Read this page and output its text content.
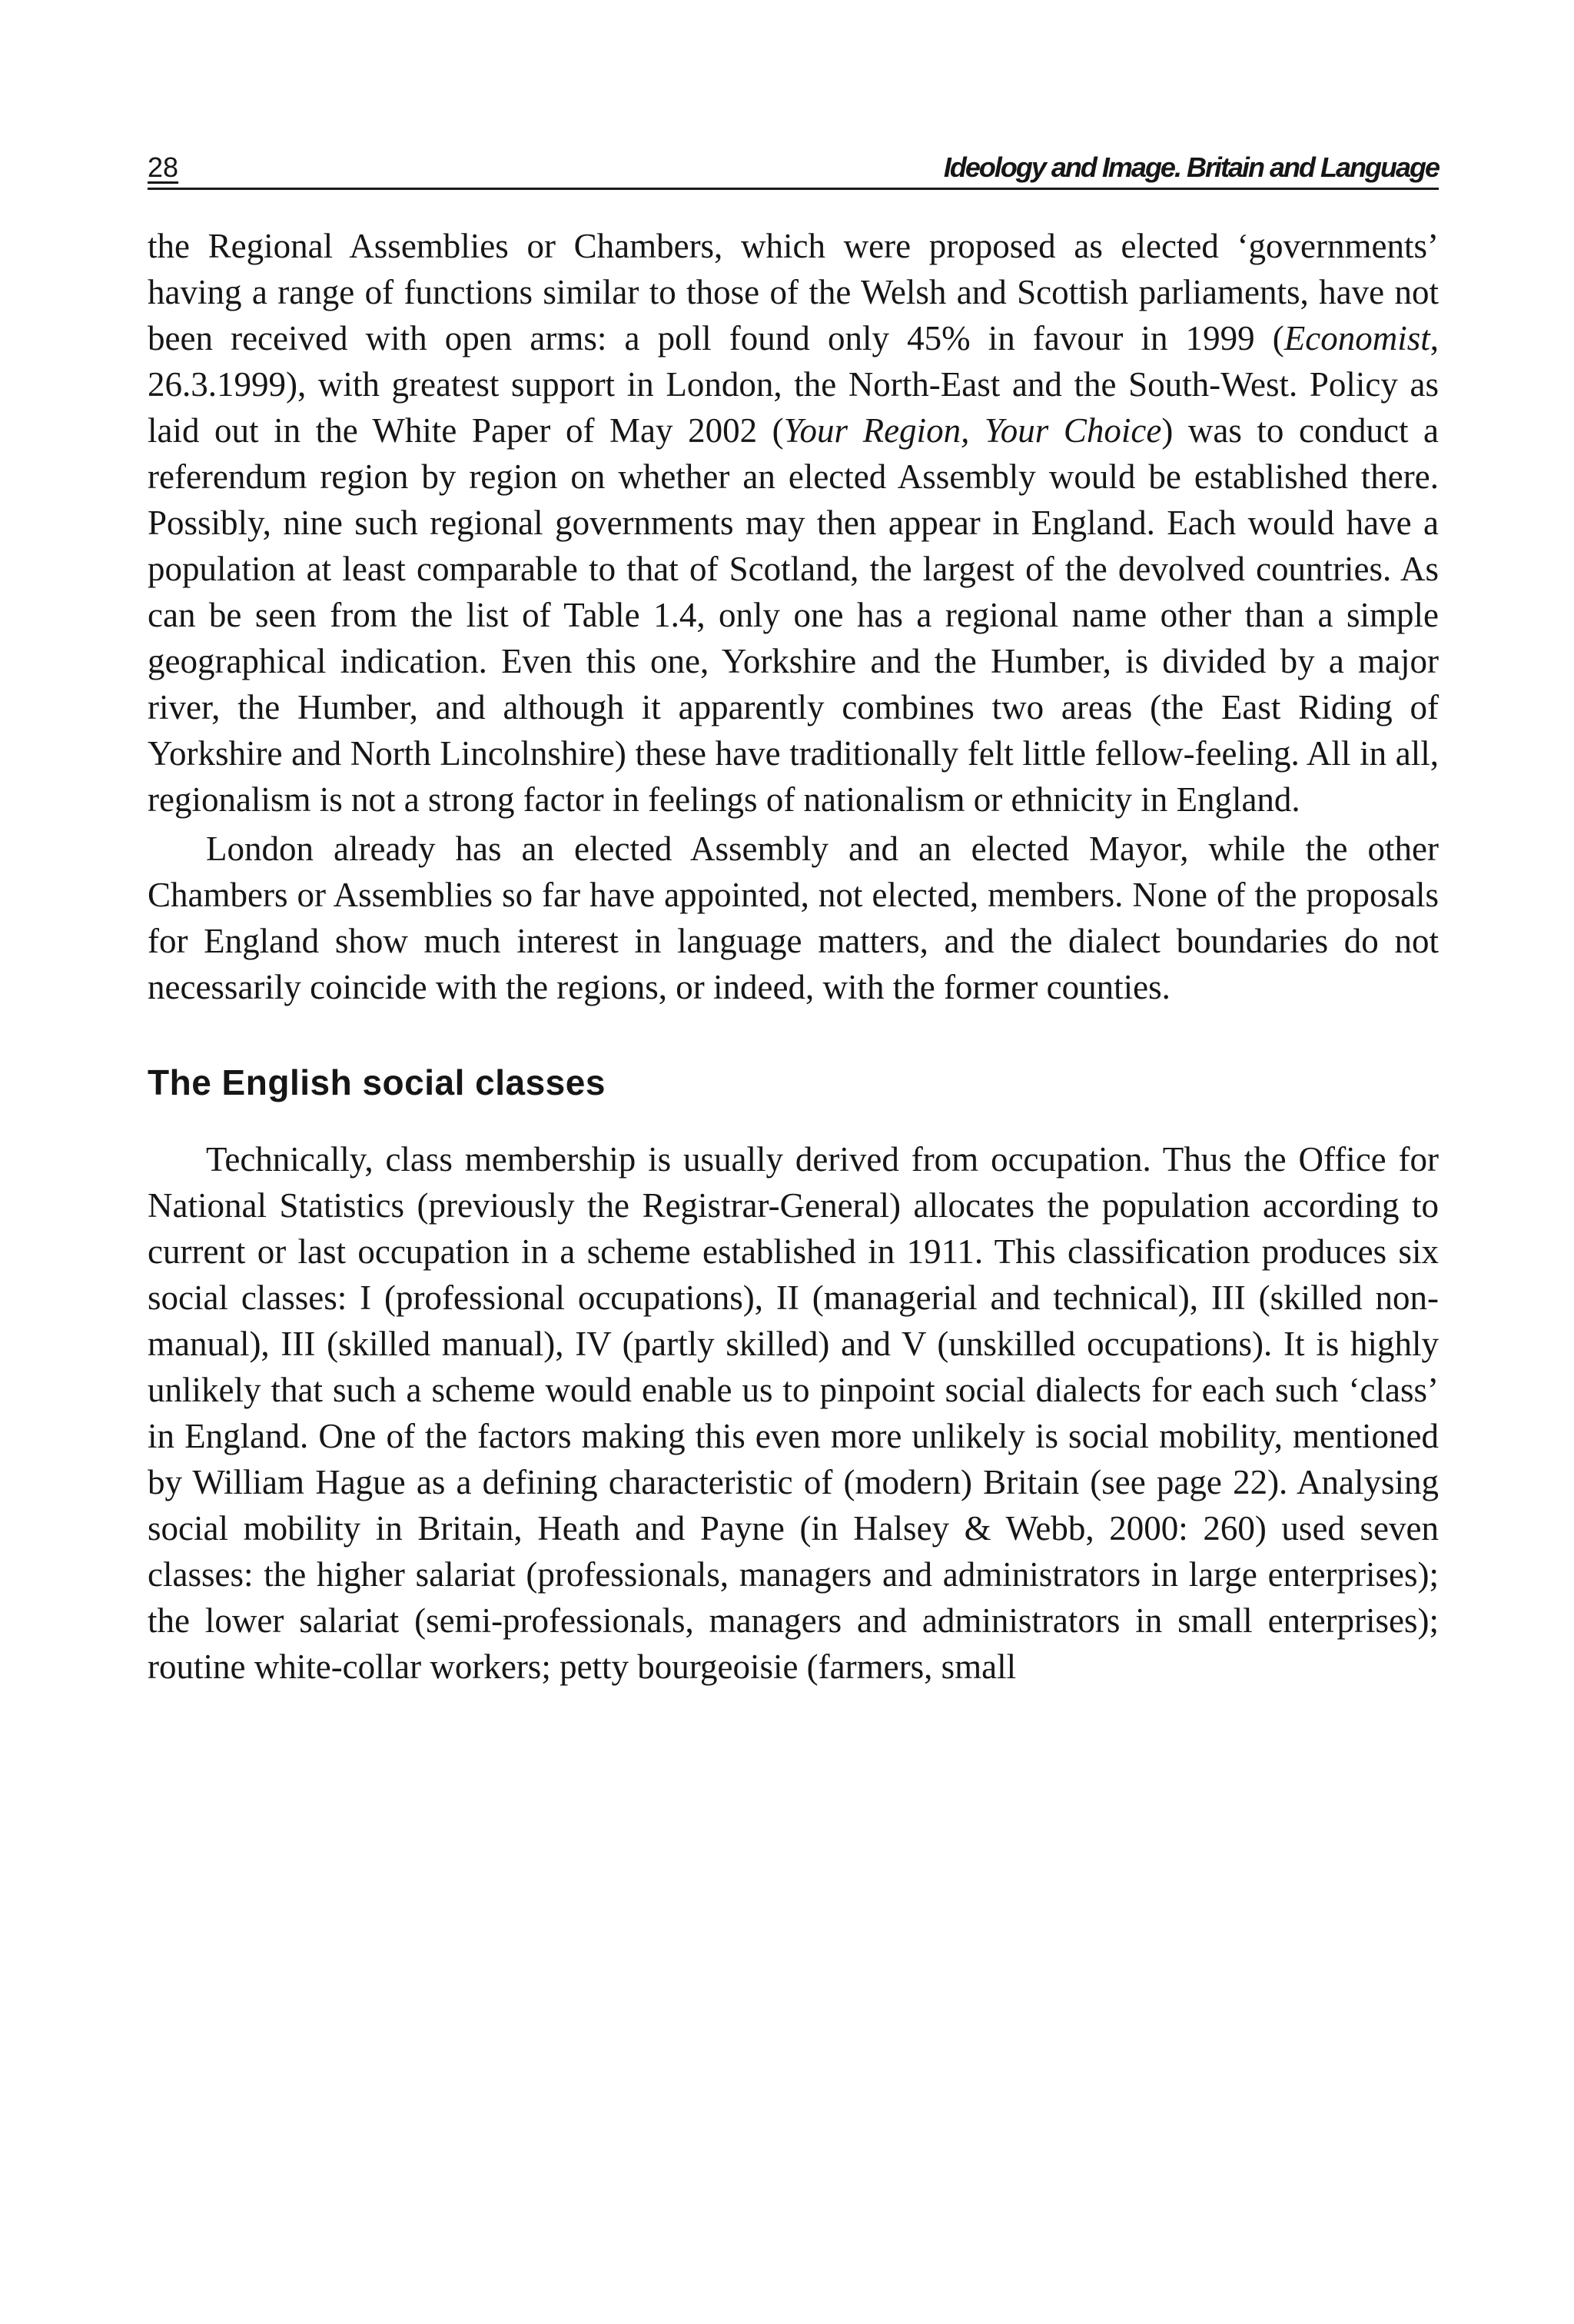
28	Ideology and Image. Britain and Language

the Regional Assemblies or Chambers, which were proposed as elected ‘governments’ having a range of functions similar to those of the Welsh and Scottish parliaments, have not been received with open arms: a poll found only 45% in favour in 1999 (Economist, 26.3.1999), with greatest support in London, the North-East and the South-West. Policy as laid out in the White Paper of May 2002 (Your Region, Your Choice) was to conduct a referendum region by region on whether an elected Assembly would be established there. Possibly, nine such regional governments may then appear in England. Each would have a population at least comparable to that of Scotland, the largest of the devolved countries. As can be seen from the list of Table 1.4, only one has a regional name other than a simple geographical indication. Even this one, Yorkshire and the Humber, is divided by a major river, the Humber, and although it apparently combines two areas (the East Riding of Yorkshire and North Lincolnshire) these have traditionally felt little fellow-feeling. All in all, regionalism is not a strong factor in feelings of nationalism or ethnicity in England.

London already has an elected Assembly and an elected Mayor, while the other Chambers or Assemblies so far have appointed, not elected, members. None of the proposals for England show much interest in language matters, and the dialect boundaries do not necessarily coincide with the regions, or indeed, with the former counties.

The English social classes

Technically, class membership is usually derived from occupation. Thus the Office for National Statistics (previously the Registrar-General) allocates the population according to current or last occupation in a scheme established in 1911. This classification produces six social classes: I (professional occupations), II (managerial and technical), III (skilled non-manual), III (skilled manual), IV (partly skilled) and V (unskilled occupations). It is highly unlikely that such a scheme would enable us to pinpoint social dialects for each such ‘class’ in England. One of the factors making this even more unlikely is social mobility, mentioned by William Hague as a defining characteristic of (modern) Britain (see page 22). Analysing social mobility in Britain, Heath and Payne (in Halsey & Webb, 2000: 260) used seven classes: the higher salariat (professionals, managers and administrators in large enterprises); the lower salariat (semi-professionals, managers and administrators in small enterprises); routine white-collar workers; petty bourgeoisie (farmers, small
